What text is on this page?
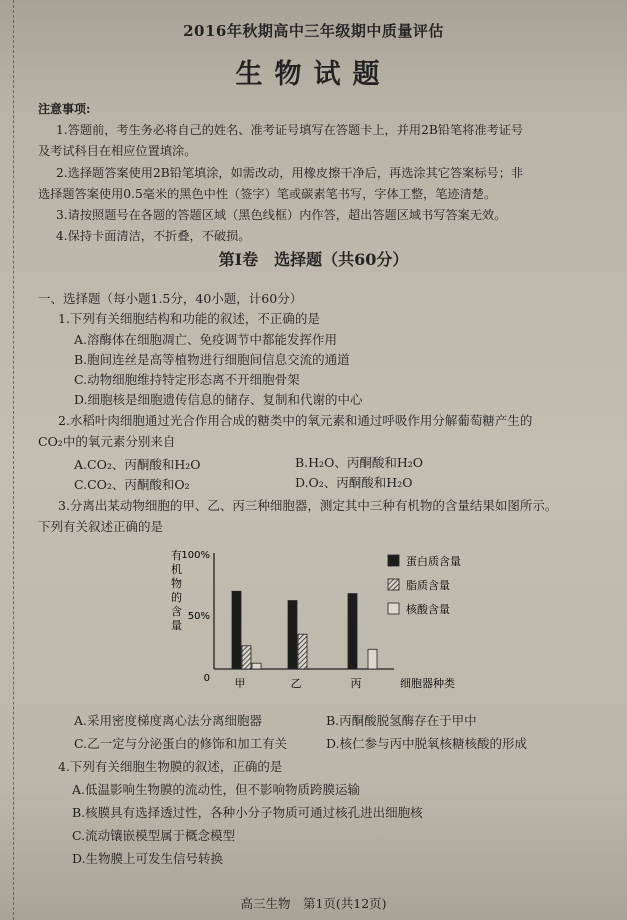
2016年秋期高中三年级期中质量评估
生物试题
注意事项:
1.答题前，考生务必将自己的姓名、准考证号填写在答题卡上，并用2B铅笔将准考证号
及考试科目在相应位置填涂。
2.选择题答案使用2B铅笔填涂，如需改动，用橡皮擦干净后，再选涂其它答案标号；非
选择题答案使用0.5毫米的黑色中性（签字）笔或碳素笔书写，字体工整，笔迹清楚。
3.请按照题号在各题的答题区域（黑色线框）内作答，超出答题区域书写答案无效。
4.保持卡面清洁，不折叠，不破损。
第Ⅰ卷　选择题（共60分）
一、选择题（每小题1.5分，40小题，计60分）
1.下列有关细胞结构和功能的叙述，不正确的是
A.溶酶体在细胞凋亡、免疫调节中都能发挥作用
B.胞间连丝是高等植物进行细胞间信息交流的通道
C.动物细胞维持特定形态离不开细胞骨架
D.细胞核是细胞遗传信息的储存、复制和代谢的中心
2.水稻叶肉细胞通过光合作用合成的糖类中的氧元素和通过呼吸作用分解葡萄糖产生的
CO₂中的氧元素分别来自
A.CO₂、丙酮酸和H₂O	B.H₂O、丙酮酸和H₂O
C.CO₂、丙酮酸和O₂	D.O₂、丙酮酸和H₂O
3.分离出某动物细胞的甲、乙、丙三种细胞器，测定其中三种有机物的含量结果如图所示。
下列有关叙述正确的是
有 机 物 的 含 量
100%
50%
0 甲	乙	丙
蛋白质含量
脂质含量
核酸含量
细胞器种类
A.采用密度梯度离心法分离细胞器	B.丙酮酸脱氢酶存在于甲中
C.乙一定与分泌蛋白的修饰和加工有关	D.核仁参与丙中脱氧核糖核酸的形成
4.下列有关细胞生物膜的叙述，正确的是
A.低温影响生物膜的流动性，但不影响物质跨膜运输
B.核膜具有选择透过性，各种小分子物质可通过核孔进出细胞核
C.流动镶嵌模型属于概念模型
D.生物膜上可发生信号转换
高三生物　第1页(共12页)
